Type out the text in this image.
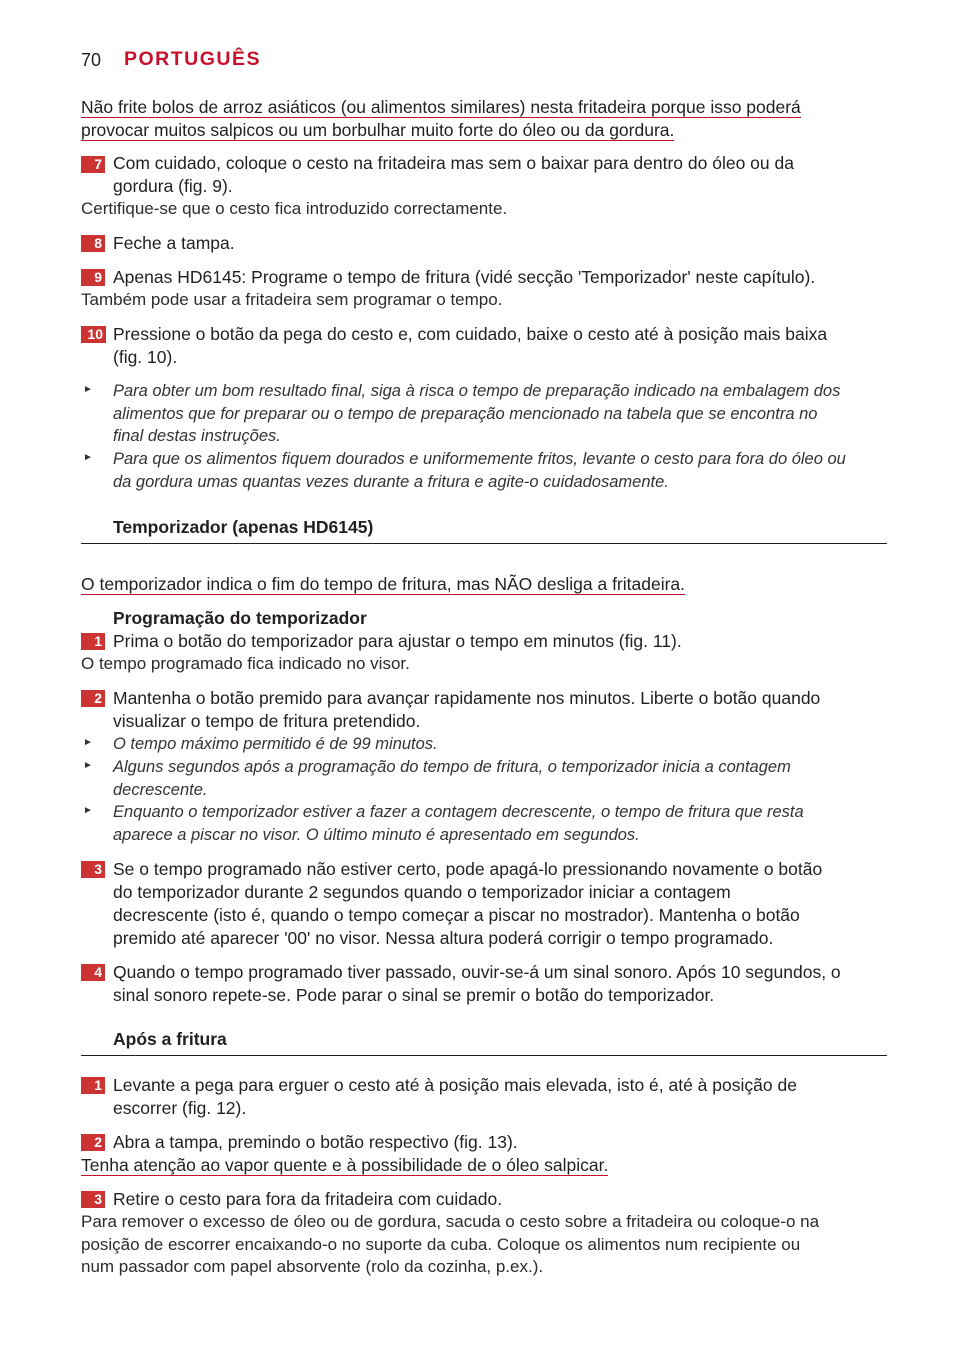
70 PORTUGUÊS
Não frite bolos de arroz asiáticos (ou alimentos similares) nesta fritadeira porque isso poderá
provocar muitos salpicos ou um borbulhar muito forte do óleo ou da gordura.
7 Com cuidado, coloque o cesto na fritadeira mas sem o baixar para dentro do óleo ou da
gordura (fig. 9).
Certifique-se que o cesto fica introduzido correctamente.
8 Feche a tampa.
9 Apenas HD6145: Programe o tempo de fritura (vidé secção 'Temporizador' neste capítulo).
Também pode usar a fritadeira sem programar o tempo.
10 Pressione o botão da pega do cesto e, com cuidado, baixe o cesto até à posição mais baixa
(fig. 10).
► Para obter um bom resultado final, siga à risca o tempo de preparação indicado na embalagem dos
alimentos que for preparar ou o tempo de preparação mencionado na tabela que se encontra no
final destas instruções.
► Para que os alimentos fiquem dourados e uniformemente fritos, levante o cesto para fora do óleo ou
da gordura umas quantas vezes durante a fritura e agite-o cuidadosamente.
Temporizador (apenas HD6145)
O temporizador indica o fim do tempo de fritura, mas NÃO desliga a fritadeira.
Programação do temporizador
1 Prima o botão do temporizador para ajustar o tempo em minutos (fig. 11).
O tempo programado fica indicado no visor.
2 Mantenha o botão premido para avançar rapidamente nos minutos. Liberte o botão quando
visualizar o tempo de fritura pretendido.
► O tempo máximo permitido é de 99 minutos.
► Alguns segundos após a programação do tempo de fritura, o temporizador inicia a contagem
decrescente.
► Enquanto o temporizador estiver a fazer a contagem decrescente, o tempo de fritura que resta
aparece a piscar no visor. O último minuto é apresentado em segundos.
3 Se o tempo programado não estiver certo, pode apagá-lo pressionando novamente o botão
do temporizador durante 2 segundos quando o temporizador iniciar a contagem
decrescente (isto é, quando o tempo começar a piscar no mostrador). Mantenha o botão
premido até aparecer '00' no visor. Nessa altura poderá corrigir o tempo programado.
4 Quando o tempo programado tiver passado, ouvir-se-á um sinal sonoro. Após 10 segundos, o
sinal sonoro repete-se. Pode parar o sinal se premir o botão do temporizador.
Após a fritura
1 Levante a pega para erguer o cesto até à posição mais elevada, isto é, até à posição de
escorrer (fig. 12).
2 Abra a tampa, premindo o botão respectivo (fig. 13).
Tenha atenção ao vapor quente e à possibilidade de o óleo salpicar.
3 Retire o cesto para fora da fritadeira com cuidado.
Para remover o excesso de óleo ou de gordura, sacuda o cesto sobre a fritadeira ou coloque-o na
posição de escorrer encaixando-o no suporte da cuba. Coloque os alimentos num recipiente ou
num passador com papel absorvente (rolo da cozinha, p.ex.).
